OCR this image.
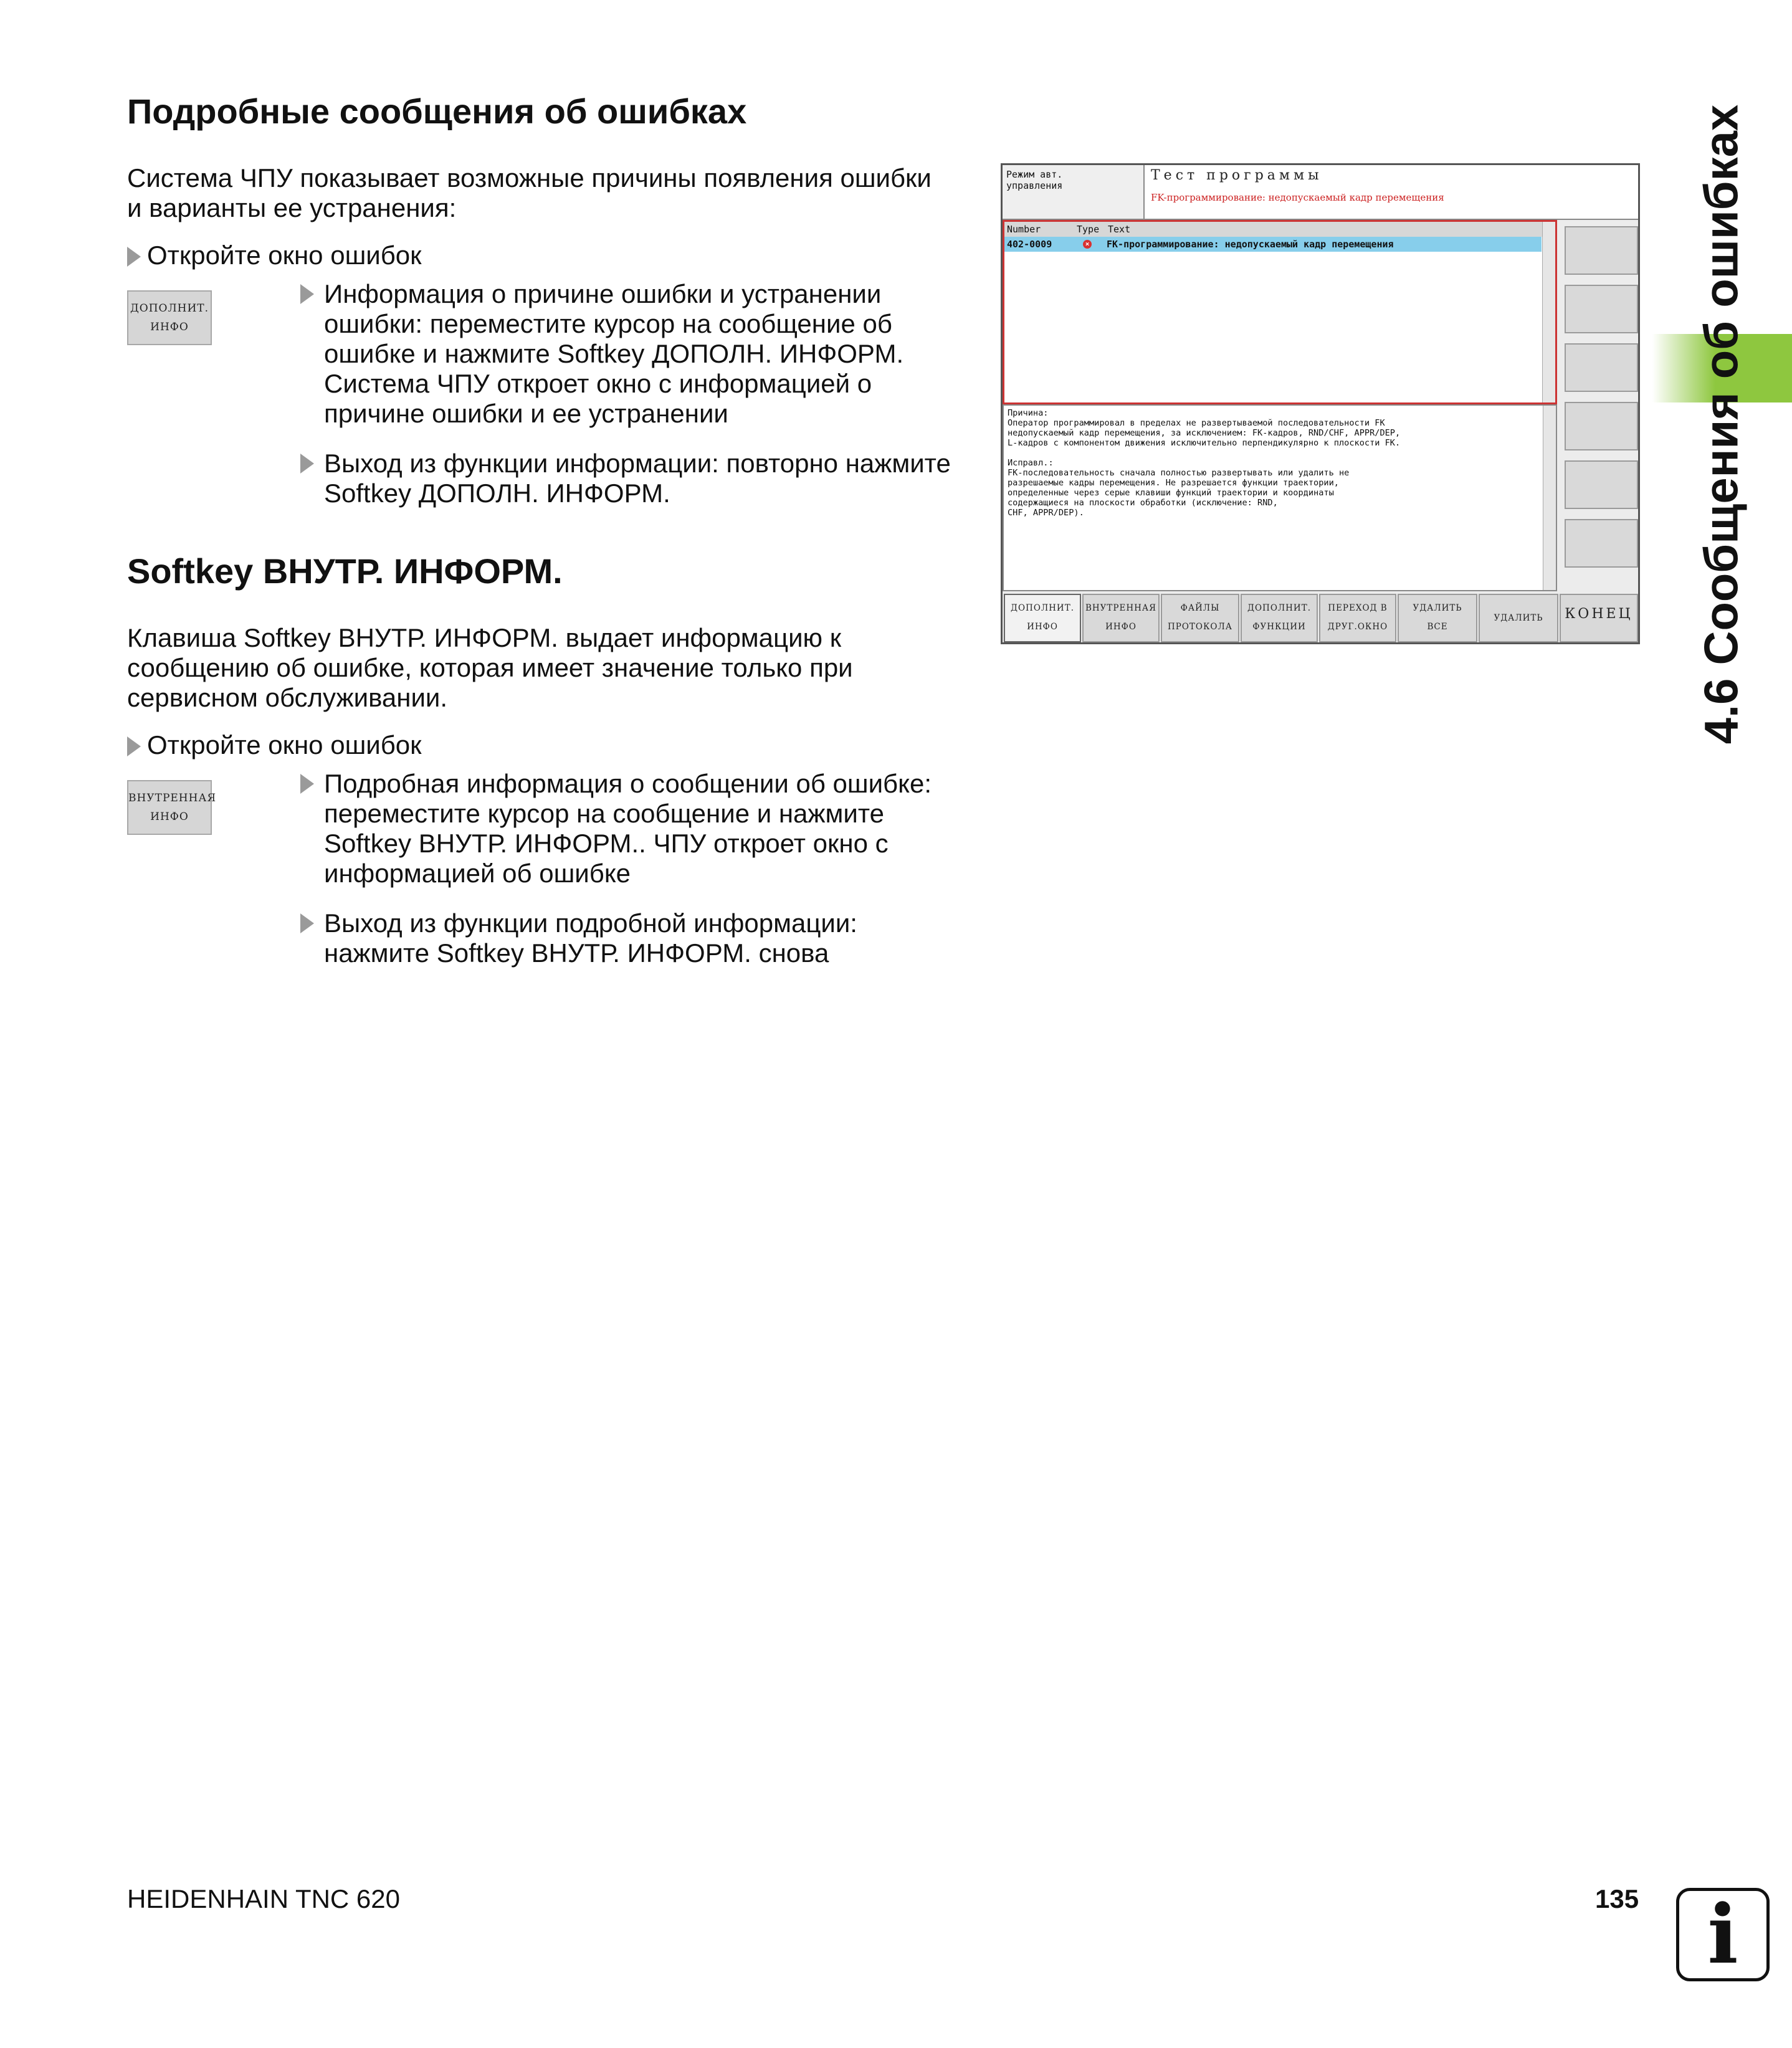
Подробные сообщения об ошибках

Система ЧПУ показывает возможные причины появления ошибки

и варианты ее устранения:

Откройте окно ошибок
ДОПОЛНИТ.
ИНФО
Информация о причине ошибки и устранении
ошибки: переместите курсор на сообщение об
ошибке и нажмите Softkey ДОПОЛН. ИНФОРМ.
Система ЧПУ откроет окно с информацией о
причине ошибки и ее устранении
Выход из функции информации: повторно нажмите
Softkey ДОПОЛН. ИНФОРМ.
Softkey ВНУТР. ИНФОРМ.

Клавиша Softkey ВНУТР. ИНФОРМ. выдает информацию к

сообщению об ошибке, которая имеет значение только при

сервисном обслуживании.

Откройте окно ошибок
ВНУТРЕННАЯ
ИНФО
Подробная информация о сообщении об ошибке:
переместите курсор на сообщение и нажмите
Softkey ВНУТР. ИНФОРМ.. ЧПУ откроет окно с
информацией об ошибке
Выход из функции подробной информации:
нажмите Softkey ВНУТР. ИНФОРМ. снова
Режим авт.
управления
Тест программы
FK-программирование: недопускаемый кадр перемещения
Number	Type Text
402-0009	× FK-программирование: недопускаемый кадр перемещения

Причина:

Оператор программировал в пределах не развертываемой последовательности FK

недопускаемый кадр перемещения, за исключением: FK-кадров, RND/CHF, APPR/DEP,

L-кадров с компонентом движения исключительно перпендикулярно к плоскости FK.

Исправл.:

FK-последовательность сначала полностью развертывать или удалить не

разрешаемые кадры перемещения. Не разрешается функции траектории,

определенные через серые клавиши функций траектории и координаты

содержащиеся на плоскости обработки (исключение: RND,

CHF, APPR/DEP).

ДОПОЛНИТ.
ИНФО
ВНУТРЕННАЯ
ИНФО
ФАЙЛЫ
ПРОТОКОЛА
ДОПОЛНИТ.
ФУНКЦИИ
ПЕРЕХОД В
ДРУГ.ОКНО
УДАЛИТЬ
ВСЕ
УДАЛИТЬ	КОНЕЦ 4.6 Сообщения об ошибках
HEIDENHAIN TNC 620	135 i
